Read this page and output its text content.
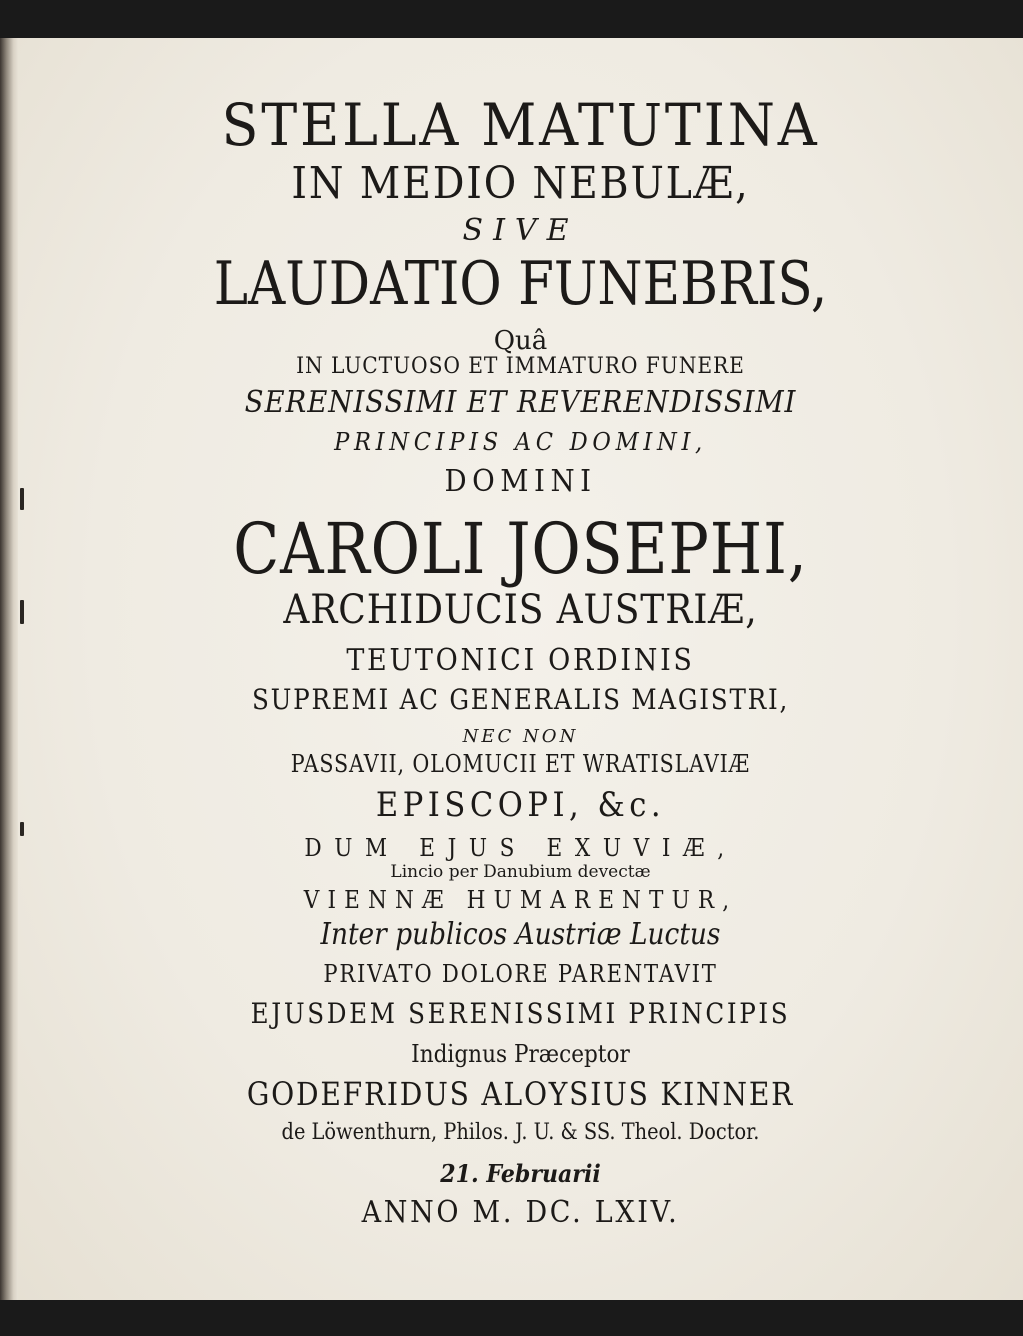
STELLA MATUTINA
IN MEDIO NEBULÆ,
SIVE
LAUDATIO FUNEBRIS,
Quâ
IN LUCTUOSO ET IMMATURO FUNERE
SERENISSIMI ET REVERENDISSIMI
PRINCIPIS AC DOMINI,
DOMINI
CAROLI JOSEPHI,
ARCHIDUCIS AUSTRIÆ,
TEUTONICI ORDINIS
SUPREMI AC GENERALIS MAGISTRI,
NEC NON
PASSAVII, OLOMUCII ET WRATISLAVIÆ
EPISCOPI, &c.
DUM EJUS EXUVIÆ,
Lincio per Danubium devectæ
VIENNÆ HUMARENTUR,
Inter publicos Austriæ Luctus
PRIVATO DOLORE PARENTAVIT
EJUSDEM SERENISSIMI PRINCIPIS
Indignus Præceptor
GODEFRIDUS ALOYSIUS KINNER
de Löwenthurn, Philos. J. U. & SS. Theol. Doctor.
21. Februarii
ANNO M. DC. LXIV.
